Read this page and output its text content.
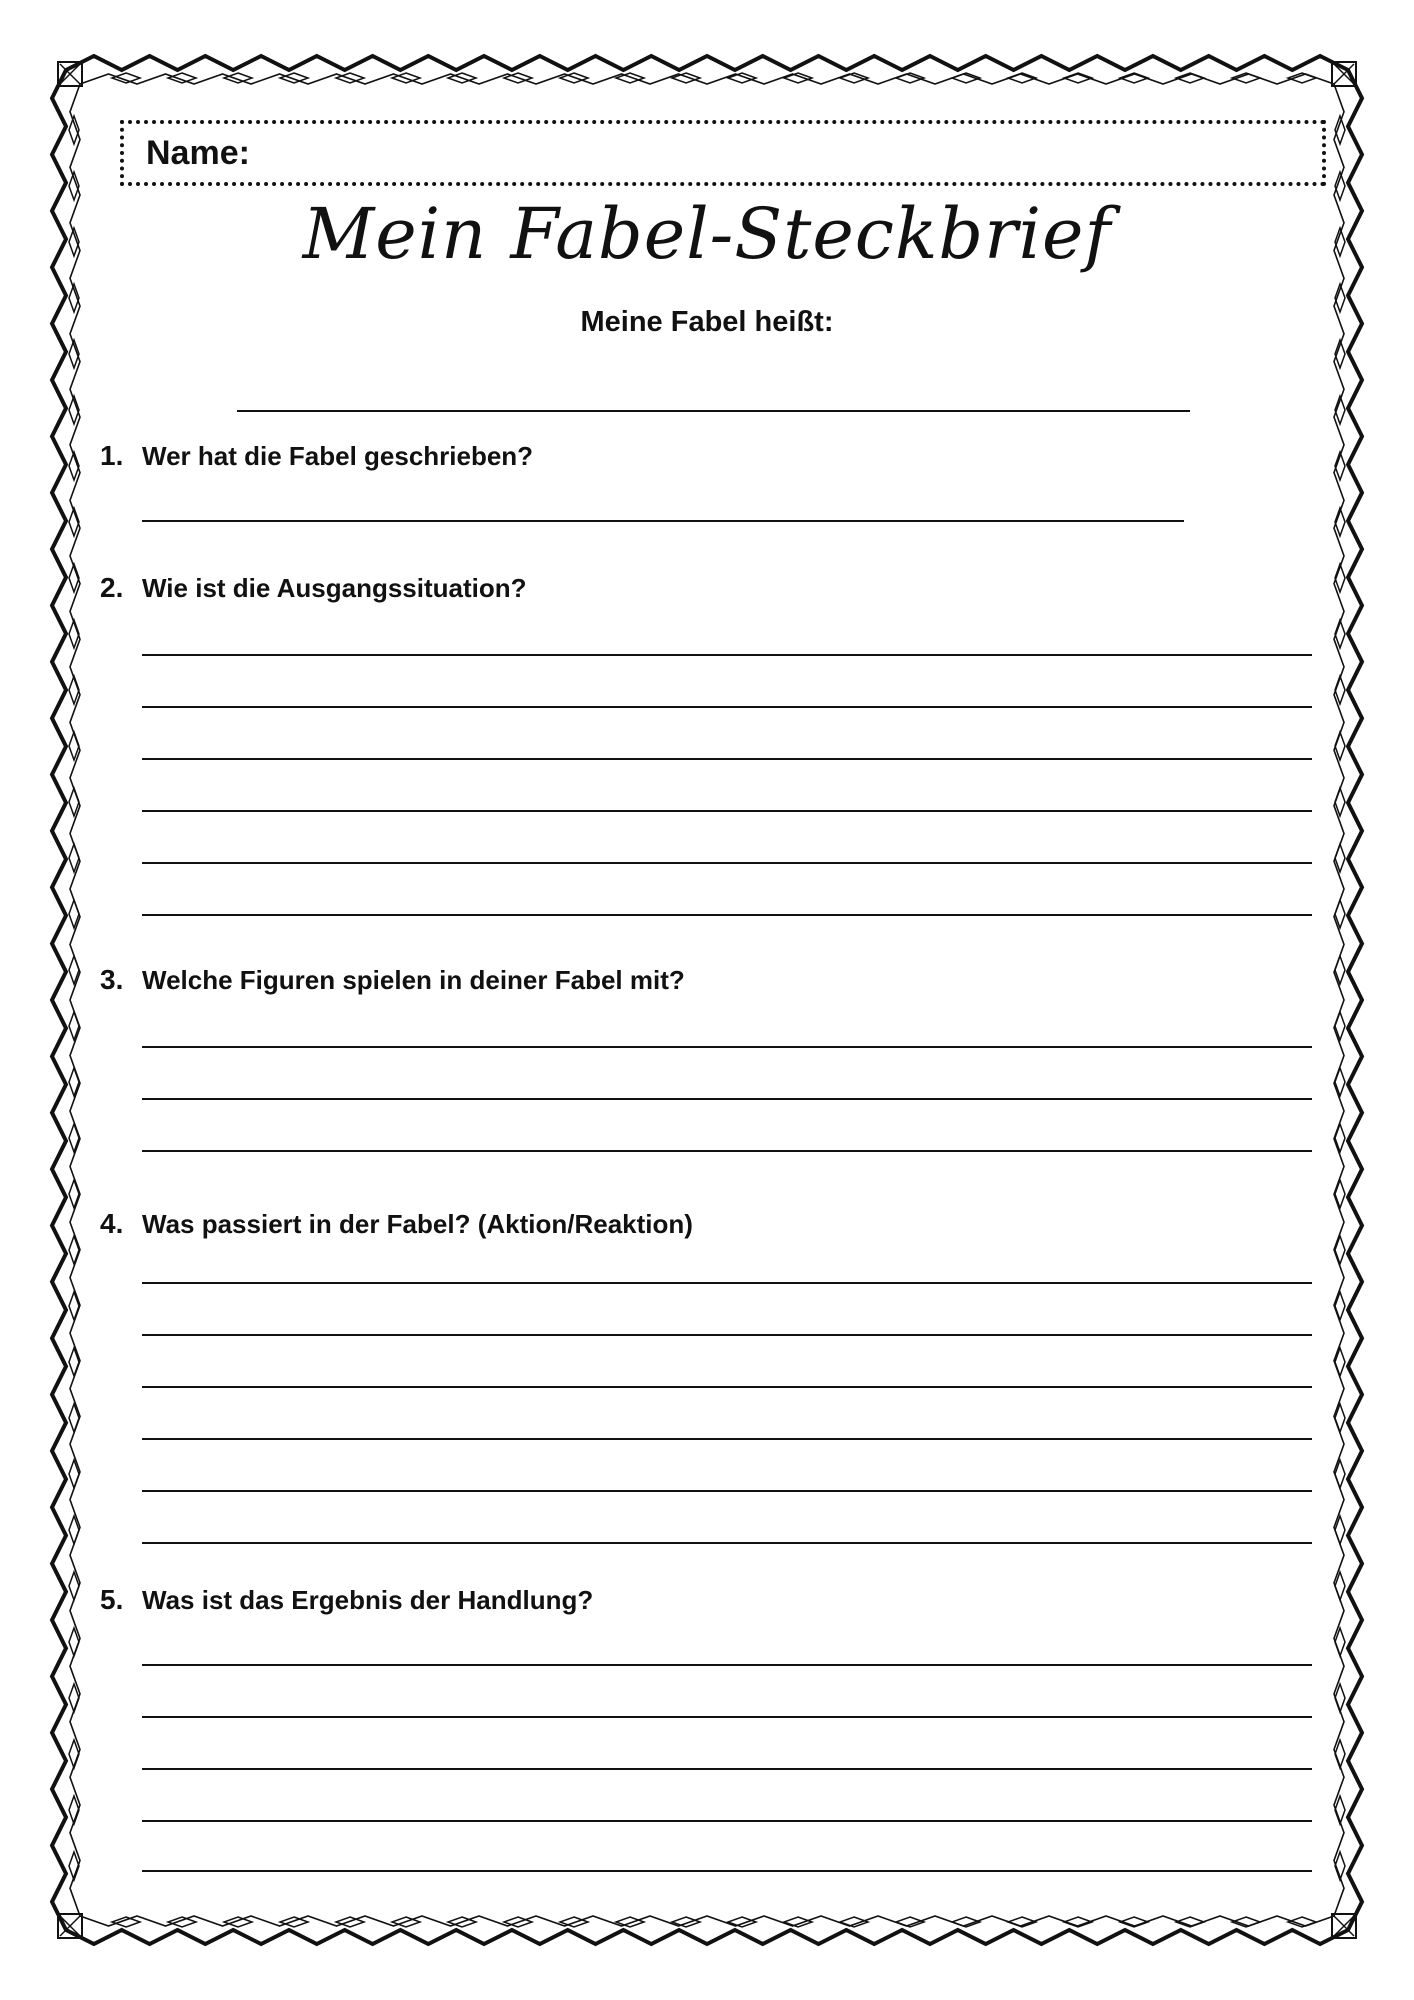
Name:
Mein Fabel-Steckbrief
Meine Fabel heißt:
1. Wer hat die Fabel geschrieben?
2. Wie ist die Ausgangssituation?
3. Welche Figuren spielen in deiner Fabel mit?
4. Was passiert in der Fabel? (Aktion/Reaktion)
5. Was ist das Ergebnis der Handlung?
